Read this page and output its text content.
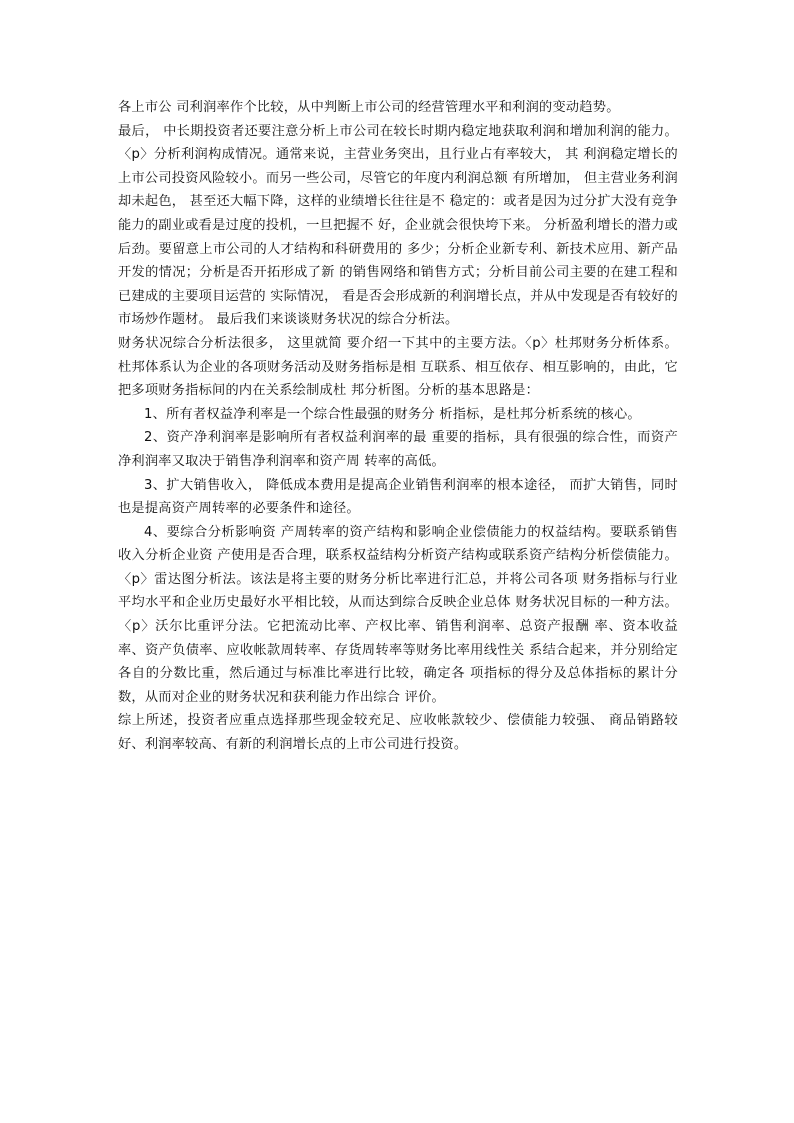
各上市公 司利润率作个比较，从中判断上市公司的经营管理水平和利润的变动趋势。

最后， 中长期投资者还要注意分析上市公司在较长时期内稳定地获取利润和增加利润的能力。〈p〉分析利润构成情况。通常来说，主营业务突出，且行业占有率较大， 其 利润稳定增长的上市公司投资风险较小。而另一些公司，尽管它的年度内利润总额 有所增加， 但主营业务利润却未起色， 甚至还大幅下降，这样的业绩增长往往是不 稳定的：或者是因为过分扩大没有竞争能力的副业或看是过度的投机，一旦把握不 好，企业就会很快垮下来。 分析盈利增长的潜力或后劲。要留意上市公司的人才结构和科研费用的 多少；分析企业新专利、新技术应用、新产品开发的情况；分析是否开拓形成了新 的销售网络和销售方式；分析目前公司主要的在建工程和已建成的主要项目运营的 实际情况， 看是否会形成新的利润增长点，并从中发现是否有较好的市场炒作题材。 最后我们来谈谈财务状况的综合分析法。

财务状况综合分析法很多， 这里就简 要介绍一下其中的主要方法。〈p〉杜邦财务分析体系。杜邦体系认为企业的各项财务活动及财务指标是相 互联系、相互依存、相互影响的，由此，它把多项财务指标间的内在关系绘制成杜 邦分析图。分析的基本思路是：

1、所有者权益净利率是一个综合性最强的财务分 析指标，是杜邦分析系统的核心。

2、资产净利润率是影响所有者权益利润率的最 重要的指标，具有很强的综合性，而资产净利润率又取决于销售净利润率和资产周 转率的高低。

3、扩大销售收入， 降低成本费用是提高企业销售利润率的根本途径， 而扩大销售，同时也是提高资产周转率的必要条件和途径。

4、要综合分析影响资 产周转率的资产结构和影响企业偿债能力的权益结构。要联系销售收入分析企业资 产使用是否合理，联系权益结构分析资产结构或联系资产结构分析偿债能力。 〈p〉雷达图分析法。该法是将主要的财务分析比率进行汇总，并将公司各项 财务指标与行业平均水平和企业历史最好水平相比较，从而达到综合反映企业总体 财务状况目标的一种方法。 〈p〉沃尔比重评分法。它把流动比率、产权比率、销售利润率、总资产报酬 率、资本收益率、资产负债率、应收帐款周转率、存货周转率等财务比率用线性关 系结合起来，并分别给定各自的分数比重，然后通过与标准比率进行比较，确定各 项指标的得分及总体指标的累计分数，从而对企业的财务状况和获利能力作出综合 评价。

综上所述，投资者应重点选择那些现金较充足、应收帐款较少、偿债能力较强、 商品销路较好、利润率较高、有新的利润增长点的上市公司进行投资。
